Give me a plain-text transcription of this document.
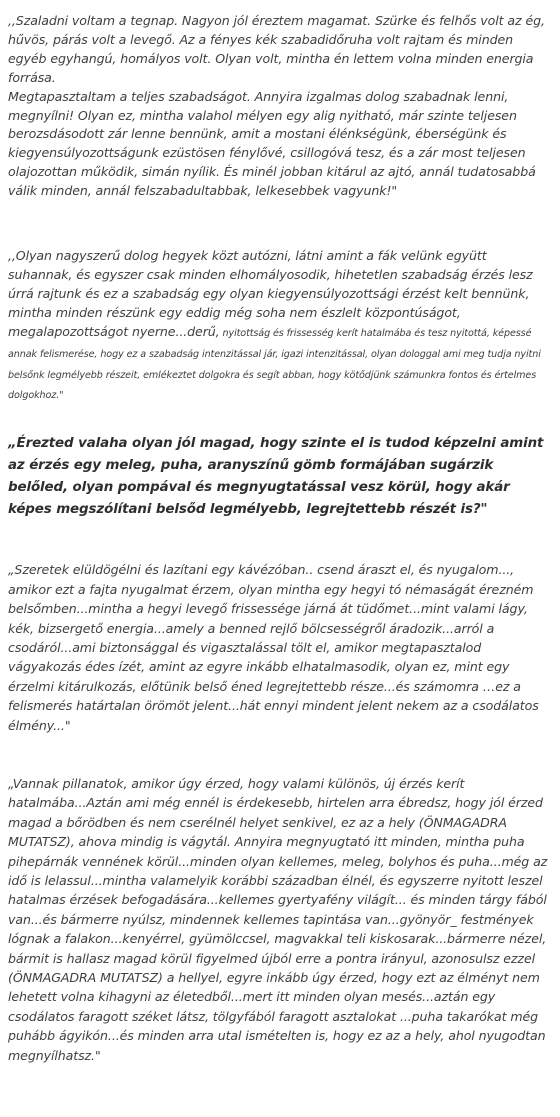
,,Szaladni voltam a tegnap. Nagyon jól éreztem magamat. Szürke és felhős volt az ég, hűvös, párás volt a levegő. Az a fényes kék szabadidőruha volt rajtam és minden egyéb egyhangú, homályos volt. Olyan volt, mintha én lettem volna minden energia forrása.
Megtapasztaltam a teljes szabadságot. Annyira izgalmas dolog szabadnak lenni, megnyílni! Olyan ez, mintha valahol mélyen egy alig nyitható, már szinte teljesen berozsdásodott zár lenne bennünk, amit a mostani élénkségünk, éberségünk és kiegyensúlyozottságunk ezüstösen fénylővé, csillogóvá tesz, és a zár most teljesen olajozottan működik, simán nyílik. És minél jobban kitárul az ajtó, annál tudatosabbá válik minden, annál felszabadultabbak, lelkesebbek vagyunk!"
,,Olyan nagyszerű dolog hegyek közt autózni, látni amint a fák velünk együtt suhannak, és egyszer csak minden elhomályosodik, hihetetlen szabadság érzés lesz úrrá rajtunk és ez a szabadság egy olyan kiegyensúlyozottsági érzést kelt bennünk, mintha minden részünk egy eddig még soha nem észlelt központúságot, megalapozottságot nyerne...derű, nyitottság és frissesség kerít hatalmába és tesz nyitottá, képessé annak felismerése, hogy ez a szabadság intenzitással jár, igazi intenzitással, olyan dologgal ami meg tudja nyitni belsőnk legmélyebb részeit, emlékeztet dolgokra és segít abban, hogy kötődjünk számunkra fontos és értelmes dolgokhoz."
„Érezted valaha olyan jól magad, hogy szinte el is tudod képzelni amint az érzés egy meleg, puha, aranyszínű gömb formájában sugárzik belőled, olyan pompával és megnyugtatással vesz körül, hogy akár képes megszólítani belsőd legmélyebb, legrejtettebb részét is?"
„Szeretek elüldögélni és lazítani egy kávézóban.. csend áraszt el, és nyugalom..., amikor ezt a fajta nyugalmat érzem, olyan mintha egy hegyi tó némaságát érezném belsőmben...mintha a hegyi levegő frissessége járná át tüdőmet...mint valami lágy, kék, bizsergető energia...amely a benned rejlő bölcsességről áradozik...arról a csodáról...ami biztonsággal és vigasztalással tölt el, amikor megtapasztalod vágyakozás édes ízét, amint az egyre inkább elhatalmasodik, olyan ez, mint egy érzelmi kitárulkozás, előtünik belső éned legrejtettebb része...és számomra …ez a felismerés határtalan örömöt jelent...hát ennyi mindent jelent nekem az a csodálatos élmény..."
„Vannak pillanatok, amikor úgy érzed, hogy valami különös, új érzés kerít hatalmába...Aztán ami még ennél is érdekesebb, hirtelen arra ébredsz, hogy jól érzed magad a bőrödben és nem cserélnél helyet senkivel, ez az a hely (ÖNMAGADRA MUTATSZ), ahova mindig is vágytál. Annyira megnyugtató itt minden, mintha puha pihepárnák vennének körül...minden olyan kellemes, meleg, bolyhos és puha...még az idő is lelassul...mintha valamelyik korábbi században élnél, és egyszerre nyitott leszel hatalmas érzések befogadására...kellemes gyertyafény világít... és minden tárgy fából van...és bármerre nyúlsz, mindennek kellemes tapintása van...gyönyör_ festmények lógnak a falakon...kenyérrel, gyümölccsel, magvakkal teli kiskosarak...bármerre nézel, bármit is hallasz magad körül figyelmed újból erre a pontra irányul, azonosulsz ezzel (ÖNMAGADRA MUTATSZ) a hellyel, egyre inkább úgy érzed, hogy ezt az élményt nem lehetett volna kihagyni az életedből...mert itt minden olyan mesés...aztán egy csodálatos faragott széket látsz, tölgyfából faragott asztalokat ...puha takarókat még puhább ágyikón...és minden arra utal ismételten is, hogy ez az a hely, ahol nyugodtan megnyílhatsz."
